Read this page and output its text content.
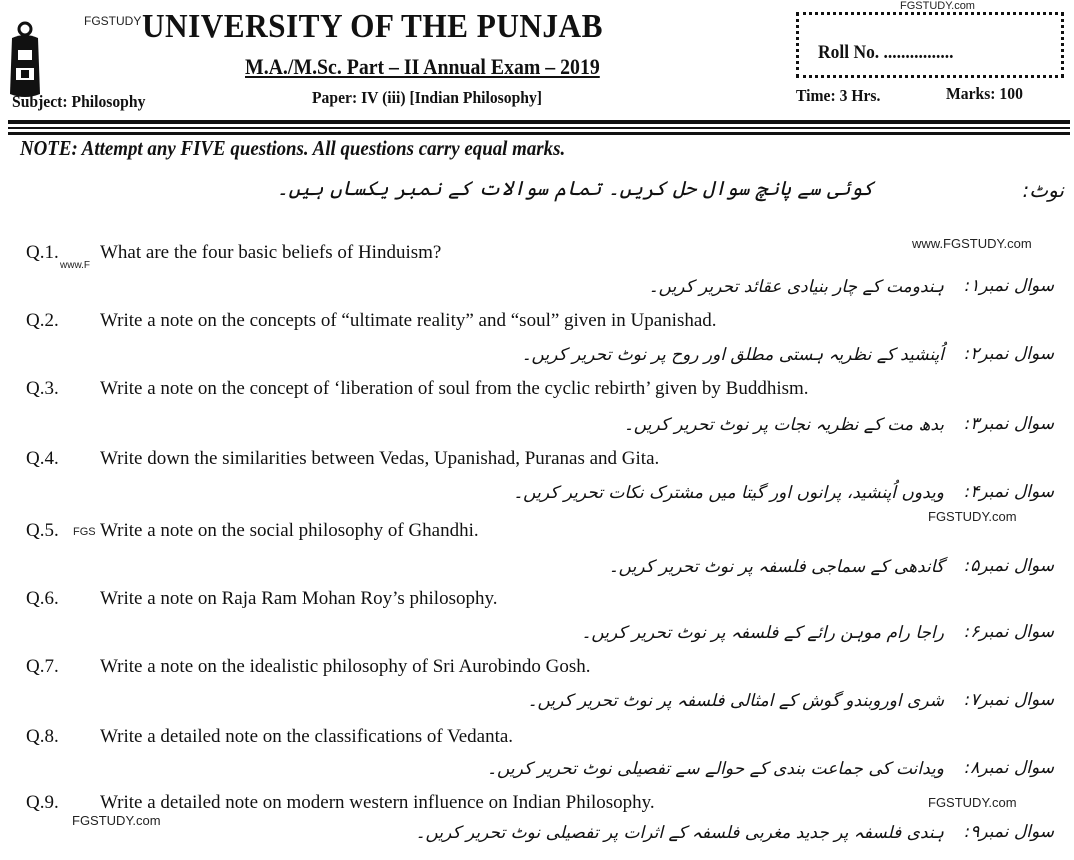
FGSTUDY
FGSTUDY.com
UNIVERSITY OF THE PUNJAB
M.A./M.Sc. Part – II Annual Exam – 2019
Roll No. ................
Subject: Philosophy	Paper: IV (iii) [Indian Philosophy]	Time: 3 Hrs.	Marks: 100
NOTE: Attempt any FIVE questions. All questions carry equal marks.
نوٹ:
کوئی سے پانچ سوال حل کریں۔ تمام سوالات کے نمبر یکساں ہیں۔
Q.1. What are the four basic beliefs of Hinduism?
سوال نمبر۱:
ہندومت کے چار بنیادی عقائد تحریر کریں۔
Q.2. Write a note on the concepts of “ultimate reality” and “soul” given in Upanishad.
سوال نمبر۲:
اُپنشید کے نظریہ ہستی مطلق اور روح پر نوٹ تحریر کریں۔
Q.3. Write a note on the concept of ‘liberation of soul from the cyclic rebirth’ given by Buddhism.
سوال نمبر۳:
بدھ مت کے نظریہ نجات پر نوٹ تحریر کریں۔
Q.4. Write down the similarities between Vedas, Upanishad, Puranas and Gita.
سوال نمبر۴:
ویدوں اُپنشید، پرانوں اور گیتا میں مشترک نکات تحریر کریں۔
Q.5. Write a note on the social philosophy of Ghandhi.
سوال نمبر۵:
گاندھی کے سماجی فلسفہ پر نوٹ تحریر کریں۔
Q.6. Write a note on Raja Ram Mohan Roy’s philosophy.
سوال نمبر۶:
راجا رام موہن رائے کے فلسفہ پر نوٹ تحریر کریں۔
Q.7. Write a note on the idealistic philosophy of Sri Aurobindo Gosh.
سوال نمبر۷:
شری اوروبندو گوش کے امثالی فلسفہ پر نوٹ تحریر کریں۔
Q.8. Write a detailed note on the classifications of Vedanta.
سوال نمبر۸:
ویدانت کی جماعت بندی کے حوالے سے تفصیلی نوٹ تحریر کریں۔
Q.9. Write a detailed note on modern western influence on Indian Philosophy.
سوال نمبر۹:
ہندی فلسفہ پر جدید مغربی فلسفہ کے اثرات پر تفصیلی نوٹ تحریر کریں۔
www.F
www.FGSTUDY.com
FGS
FGSTUDY.com
FGSTUDY.com
FGSTUDY.com
